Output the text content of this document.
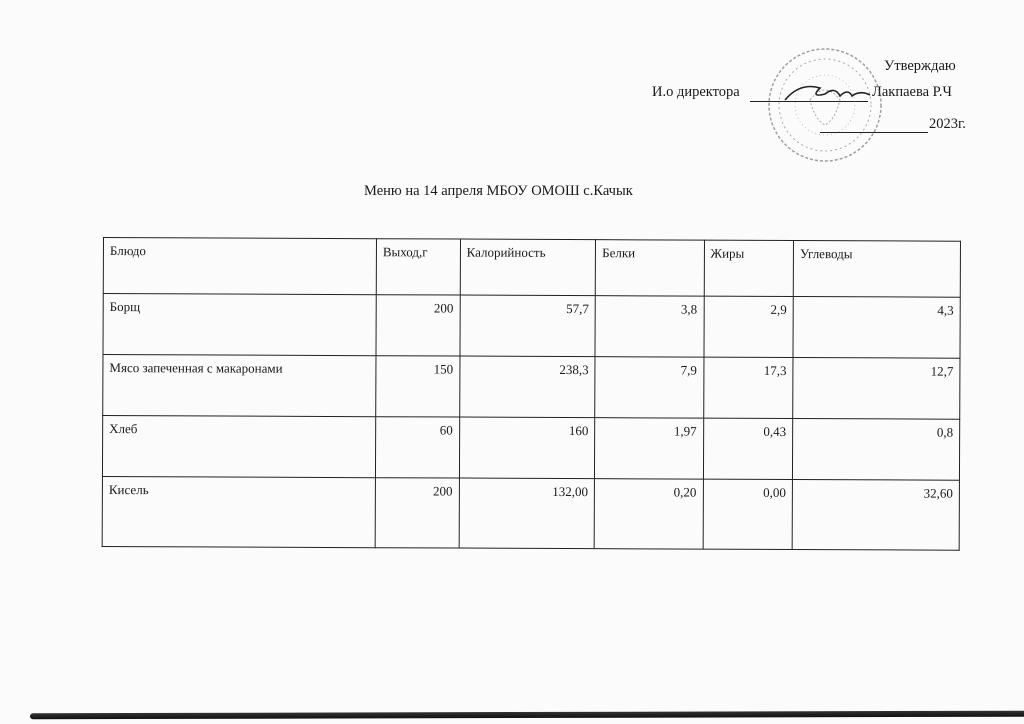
Утверждаю
И.о директора	Лакпаева Р.Ч
2023г.
Меню на 14 апреля МБОУ ОМОШ с.Качык
Блюдо	Выход,г	Калорийность	Белки	Жиры	Углеводы
Борщ	200	57,7	3,8	2,9	4,3
Мясо запеченная с макаронами	150	238,3	7,9	17,3	12,7
Хлеб	60	160	1,97	0,43	0,8
Кисель	200	132,00	0,20	0,00	32,60
